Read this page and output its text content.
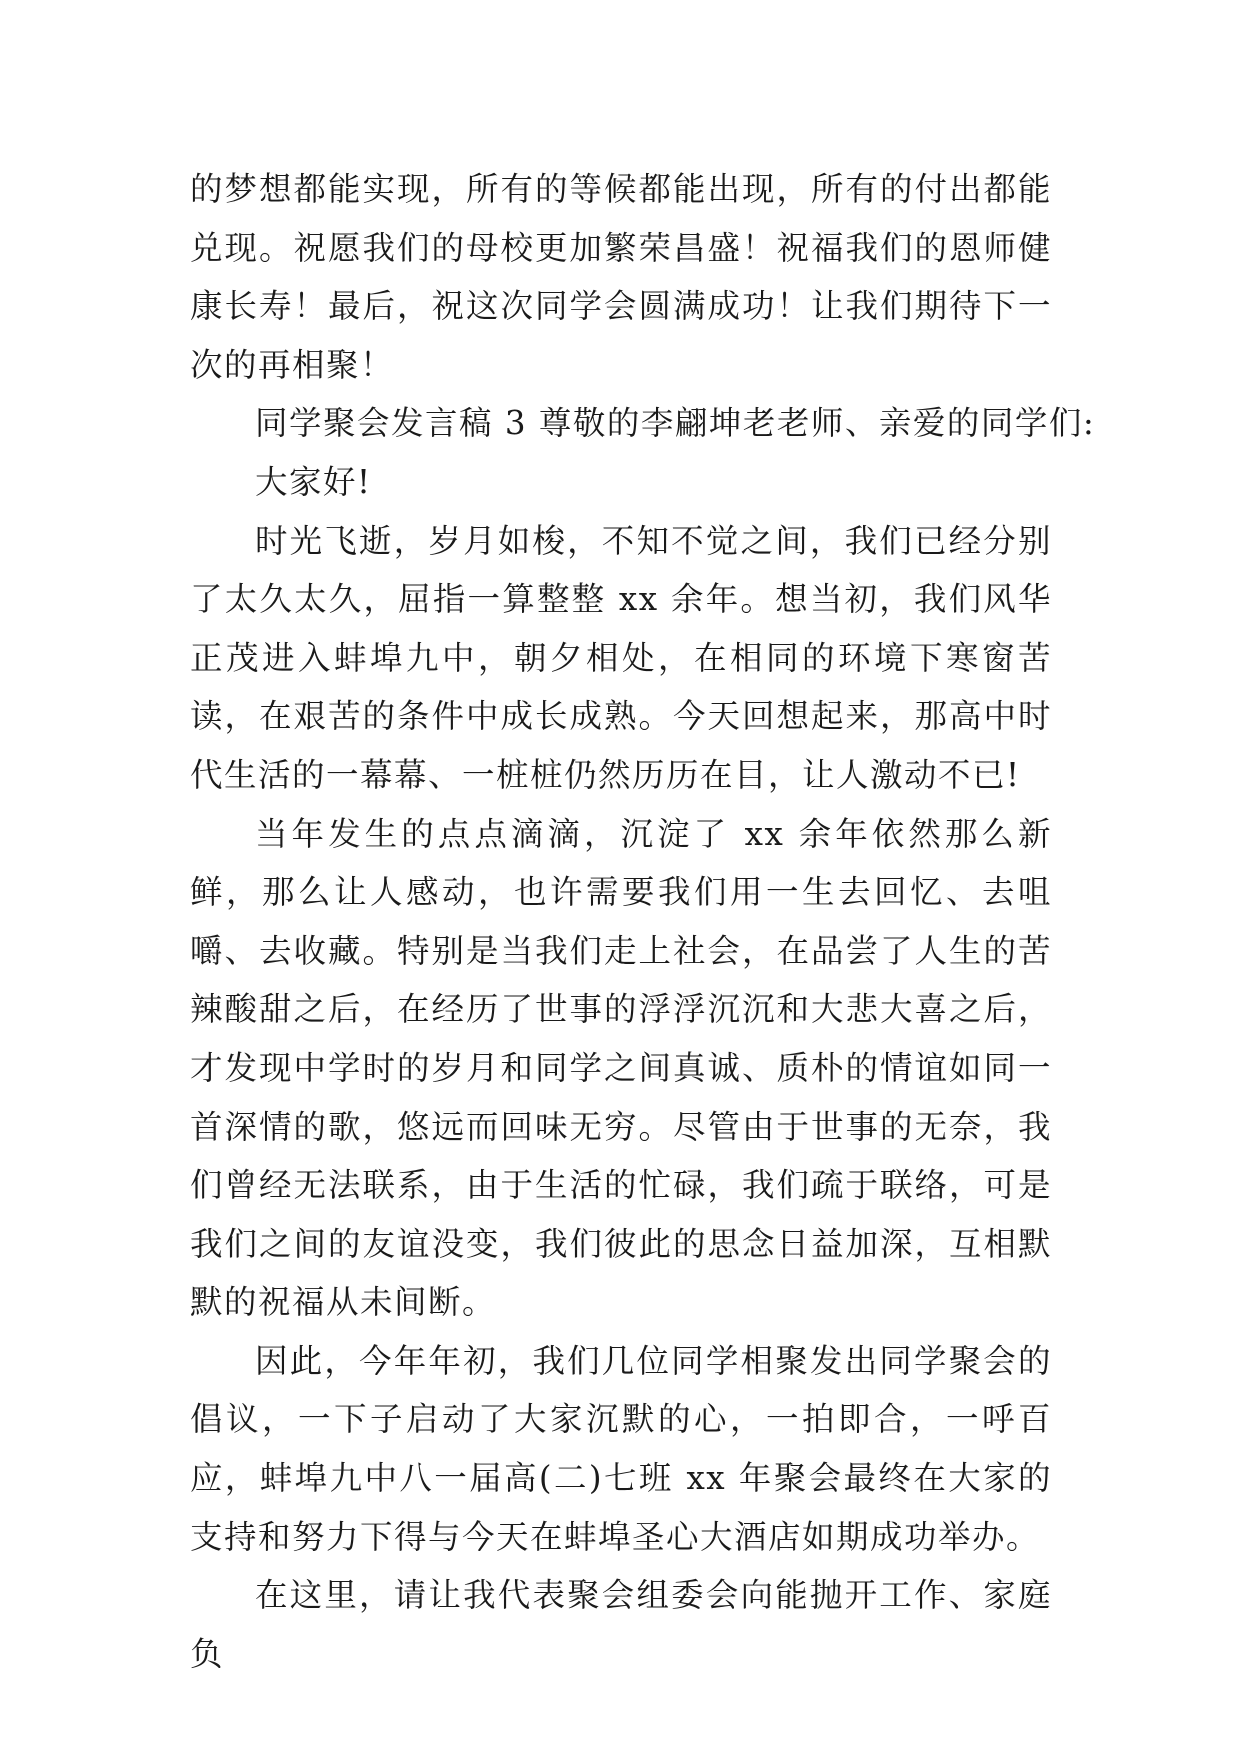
的梦想都能实现，所有的等候都能出现，所有的付出都能兑现。祝愿我们的母校更加繁荣昌盛！祝福我们的恩师健康长寿！最后，祝这次同学会圆满成功！让我们期待下一次的再相聚！

同学聚会发言稿 3 尊敬的李翩坤老老师、亲爱的同学们:

大家好!

时光飞逝，岁月如梭，不知不觉之间，我们已经分别了太久太久，屈指一算整整 xx 余年。想当初，我们风华正茂进入蚌埠九中，朝夕相处，在相同的环境下寒窗苦读，在艰苦的条件中成长成熟。今天回想起来，那高中时代生活的一幕幕、一桩桩仍然历历在目，让人激动不已!

当年发生的点点滴滴，沉淀了 xx 余年依然那么新鲜，那么让人感动，也许需要我们用一生去回忆、去咀嚼、去收藏。特别是当我们走上社会，在品尝了人生的苦辣酸甜之后，在经历了世事的浮浮沉沉和大悲大喜之后，才发现中学时的岁月和同学之间真诚、质朴的情谊如同一首深情的歌，悠远而回味无穷。尽管由于世事的无奈，我们曾经无法联系，由于生活的忙碌，我们疏于联络，可是我们之间的友谊没变，我们彼此的思念日益加深，互相默默的祝福从未间断。

因此，今年年初，我们几位同学相聚发出同学聚会的倡议，一下子启动了大家沉默的心，一拍即合，一呼百应，蚌埠九中八一届高(二)七班 xx 年聚会最终在大家的支持和努力下得与今天在蚌埠圣心大酒店如期成功举办。

在这里，请让我代表聚会组委会向能抛开工作、家庭负
